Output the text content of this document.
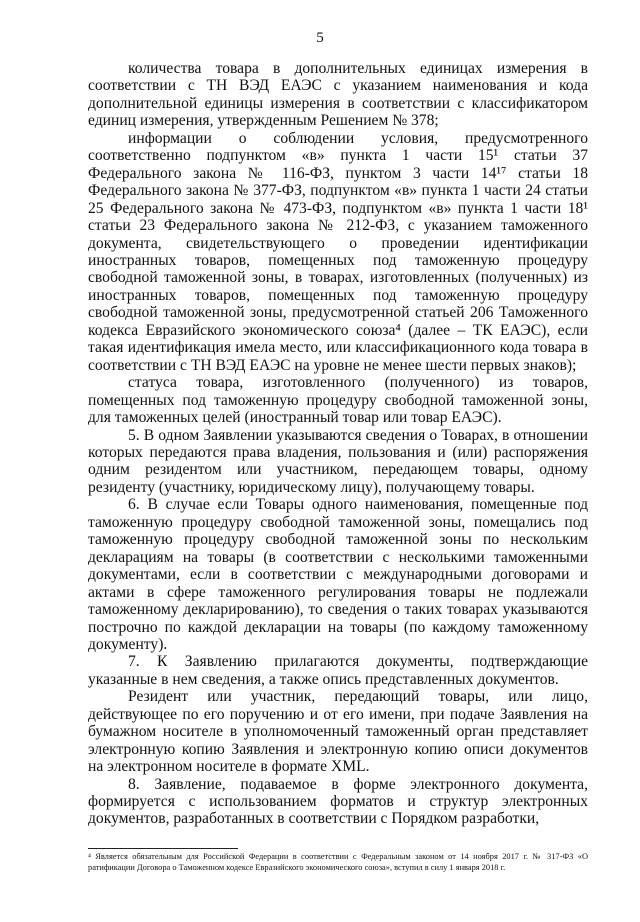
5

количества товара в дополнительных единицах измерения в соответствии с ТН ВЭД ЕАЭС с указанием наименования и кода дополнительной единицы измерения в соответствии с классификатором единиц измерения, утвержденным Решением № 378;

информации о соблюдении условия, предусмотренного соответственно подпунктом «в» пункта 1 части 15¹ статьи 37 Федерального закона № 116-ФЗ, пунктом 3 части 14¹⁷ статьи 18 Федерального закона № 377-ФЗ, подпунктом «в» пункта 1 части 24 статьи 25 Федерального закона № 473-ФЗ, подпунктом «в» пункта 1 части 18¹ статьи 23 Федерального закона № 212-ФЗ, с указанием таможенного документа, свидетельствующего о проведении идентификации иностранных товаров, помещенных под таможенную процедуру свободной таможенной зоны, в товарах, изготовленных (полученных) из иностранных товаров, помещенных под таможенную процедуру свободной таможенной зоны, предусмотренной статьей 206 Таможенного кодекса Евразийского экономического союза⁴ (далее – ТК ЕАЭС), если такая идентификация имела место, или классификационного кода товара в соответствии с ТН ВЭД ЕАЭС на уровне не менее шести первых знаков);

статуса товара, изготовленного (полученного) из товаров, помещенных под таможенную процедуру свободной таможенной зоны, для таможенных целей (иностранный товар или товар ЕАЭС).

5. В одном Заявлении указываются сведения о Товарах, в отношении которых передаются права владения, пользования и (или) распоряжения одним резидентом или участником, передающем товары, одному резиденту (участнику, юридическому лицу), получающему товары.

6. В случае если Товары одного наименования, помещенные под таможенную процедуру свободной таможенной зоны, помещались под таможенную процедуру свободной таможенной зоны по нескольким декларациям на товары (в соответствии с несколькими таможенными документами, если в соответствии с международными договорами и актами в сфере таможенного регулирования товары не подлежали таможенному декларированию), то сведения о таких товарах указываются построчно по каждой декларации на товары (по каждому таможенному документу).

7. К Заявлению прилагаются документы, подтверждающие указанные в нем сведения, а также опись представленных документов.

Резидент или участник, передающий товары, или лицо, действующее по его поручению и от его имени, при подаче Заявления на бумажном носителе в уполномоченный таможенный орган представляет электронную копию Заявления и электронную копию описи документов на электронном носителе в формате XML.

8. Заявление, подаваемое в форме электронного документа, формируется с использованием форматов и структур электронных документов, разработанных в соответствии с Порядком разработки,

⁴ Является обязательным для Российской Федерации в соответствии с Федеральным законом от 14 ноября 2017 г. № 317-ФЗ «О ратификации Договора о Таможенном кодексе Евразийского экономического союза», вступил в силу 1 января 2018 г.
